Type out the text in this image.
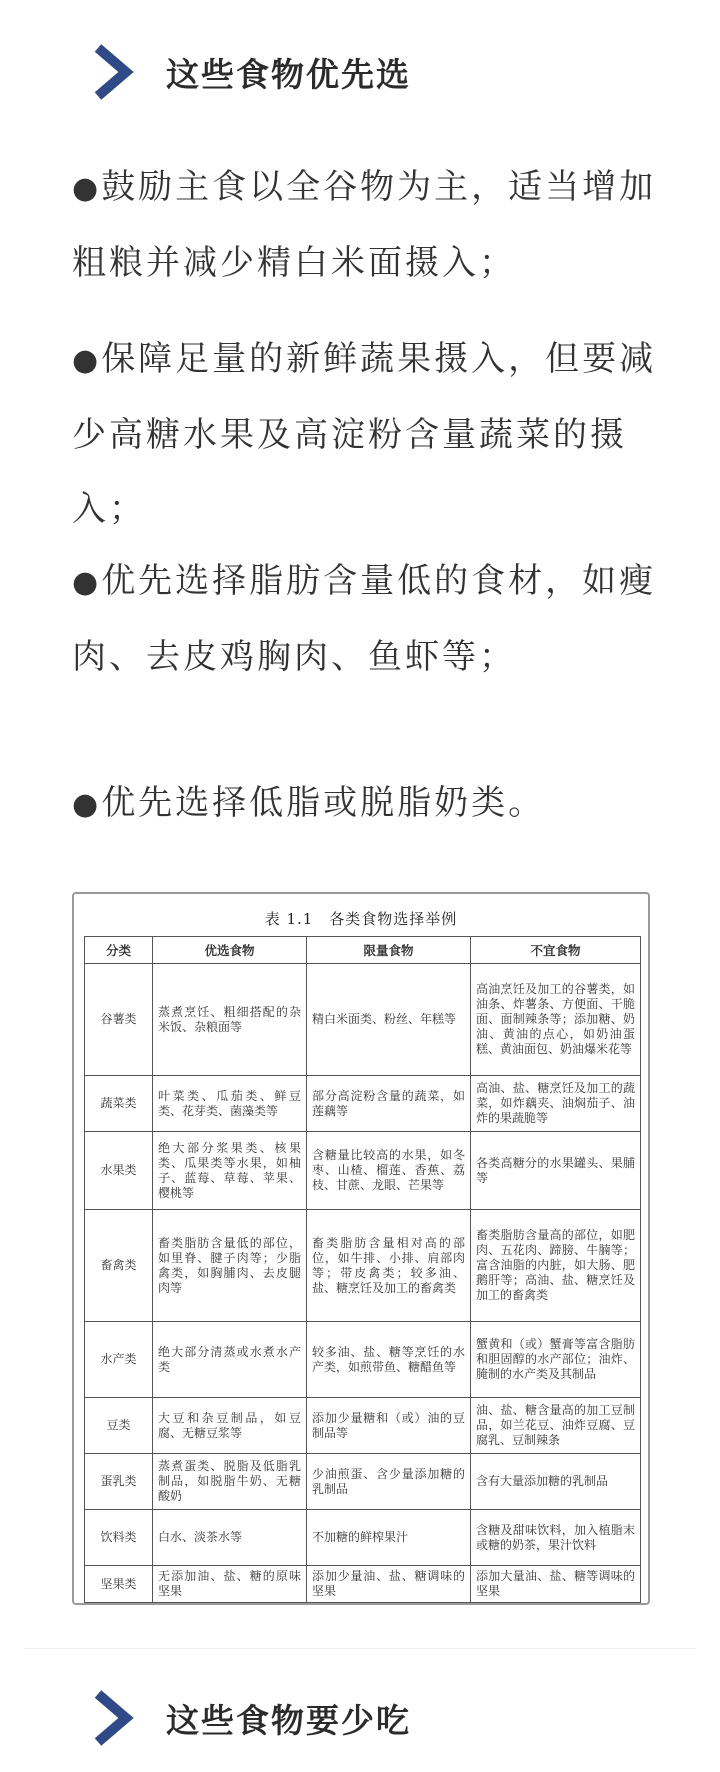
这些食物优先选
●鼓励主食以全谷物为主，适当增加粗粮并减少精白米面摄入；
●保障足量的新鲜蔬果摄入，但要减少高糖水果及高淀粉含量蔬菜的摄入；
●优先选择脂肪含量低的食材，如瘦肉、去皮鸡胸肉、鱼虾等；
●优先选择低脂或脱脂奶类。
表 1.1　各类食物选择举例
分类	优选食物	限量食物	不宜食物
谷薯类	蒸煮烹饪、粗细搭配的杂米饭、杂粮面等	精白米面类、粉丝、年糕等	高油烹饪及加工的谷薯类，如油条、炸薯条、方便面、干脆面、面制辣条等；添加糖、奶油、黄油的点心，如奶油蛋糕、黄油面包、奶油爆米花等
蔬菜类	叶菜类、瓜茄类、鲜豆类、花芽类、菌藻类等	部分高淀粉含量的蔬菜，如莲藕等	高油、盐、糖烹饪及加工的蔬菜，如炸藕夹、油焖茄子、油炸的果蔬脆等
水果类	绝大部分浆果类、核果类、瓜果类等水果，如柚子、蓝莓、草莓、苹果、樱桃等	含糖量比较高的水果，如冬枣、山楂、榴莲、香蕉、荔枝、甘蔗、龙眼、芒果等	各类高糖分的水果罐头、果脯等
畜禽类	畜类脂肪含量低的部位，如里脊、腱子肉等；少脂禽类，如胸脯肉、去皮腿肉等	畜类脂肪含量相对高的部位，如牛排、小排、肩部肉等；带皮禽类；较多油、盐、糖烹饪及加工的畜禽类	畜类脂肪含量高的部位，如肥肉、五花肉、蹄膀、牛腩等；富含油脂的内脏，如大肠、肥鹅肝等；高油、盐、糖烹饪及加工的畜禽类
水产类	绝大部分清蒸或水煮水产类	较多油、盐、糖等烹饪的水产类，如煎带鱼、糖醋鱼等	蟹黄和（或）蟹膏等富含脂肪和胆固醇的水产部位；油炸、腌制的水产类及其制品
豆类	大豆和杂豆制品，如豆腐、无糖豆浆等	添加少量糖和（或）油的豆制品等	油、盐、糖含量高的加工豆制品，如兰花豆、油炸豆腐、豆腐乳、豆制辣条
蛋乳类	蒸煮蛋类、脱脂及低脂乳制品，如脱脂牛奶、无糖酸奶	少油煎蛋、含少量添加糖的乳制品	含有大量添加糖的乳制品
饮料类	白水、淡茶水等	不加糖的鲜榨果汁	含糖及甜味饮料，加入植脂末或糖的奶茶，果汁饮料
坚果类	无添加油、盐、糖的原味坚果	添加少量油、盐、糖调味的坚果	添加大量油、盐、糖等调味的坚果
这些食物要少吃
